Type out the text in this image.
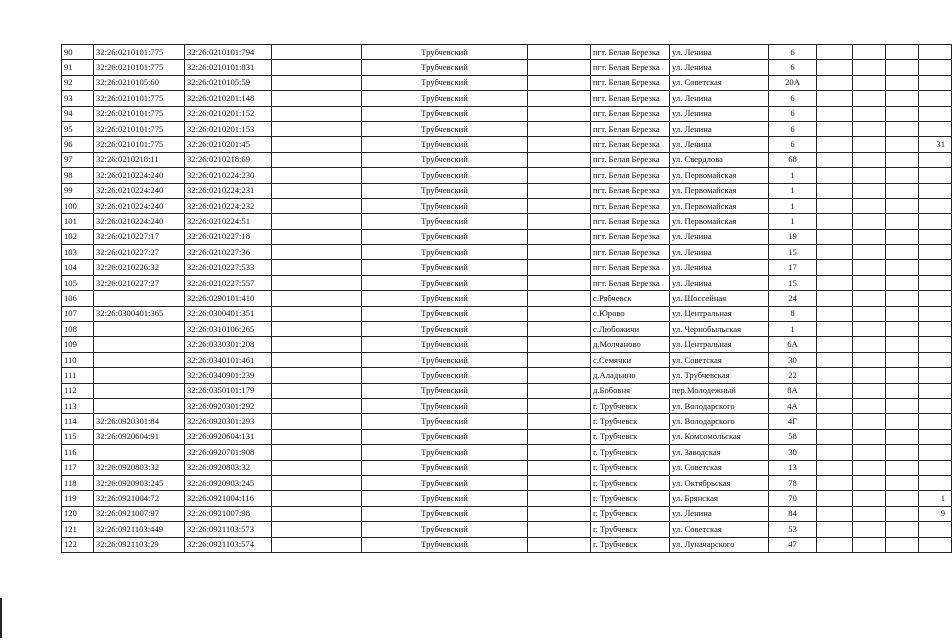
90	32:26:0210101:775	32:26:0210101:794		Трубчевский		пгт. Белая Березка	ул. Ленина	6				
91	32:26:0210101:775	32:26:0210101:831		Трубчевский		пгт. Белая Березка	ул. Ленина	6				
92	32:26:0210105:60	32:26:0210105:59		Трубчевский		пгт. Белая Березка	ул. Советская	20А				
93	32:26:0210101:775	32:26:0210201:148		Трубчевский		пгт. Белая Березка	ул. Ленина	6				
94	32:26:0210101:775	32:26:0210201:152		Трубчевский		пгт. Белая Березка	ул. Ленина	6				
95	32:26:0210101:775	32:26:0210201:153		Трубчевский		пгт. Белая Березка	ул. Ленина	6				
96	32:26:0210101:775	32:26:0210201:45		Трубчевский		пгт. Белая Березка	ул. Ленина	6				31
97	32:26:0210218:11	32:26:0210218:69		Трубчевский		пгт. Белая Березка	ул. Свердлова	68				
98	32:26:0210224:240	32:26:0210224:230		Трубчевский		пгт. Белая Березка	ул. Первомайская	1				
99	32:26:0210224:240	32:26:0210224:231		Трубчевский		пгт. Белая Березка	ул. Первомайская	1				
100	32:26:0210224:240	32:26:0210224:232		Трубчевский		пгт. Белая Березка	ул. Первомайская	1				
101	32:26:0210224:240	32:26:0210224:51		Трубчевский		пгт. Белая Березка	ул. Первомайская	1				
102	32:26:0210227:17	32:26:0210227:18		Трубчевский		пгт. Белая Березка	ул. Ленина	19				
103	32:26:0210227:27	32:26:0210227:36		Трубчевский		пгт. Белая Березка	ул. Ленина	15				
104	32:26:0210226:32	32:26:0210227:533		Трубчевский		пгт. Белая Березка	ул. Ленина	17				
105	32:26:0210227:27	32:26:0210227:557		Трубчевский		пгт. Белая Березка	ул. Ленина	15				
106		32:26:0290101:410		Трубчевский		с.Рябчевск	ул. Шоссейная	24				
107	32:26:0300401:365	32:26:0300401:351		Трубчевский		с.Юрово	ул. Центральная	8				
108		32:26:0310106:265		Трубчевский		с.Любожичи	ул. Чернобыльская	1				
109		32:26:0330301:208		Трубчевский		д.Молчаново	ул. Центральная	6А				
110		32:26:0340101:461		Трубчевский		с.Семячки	ул. Советская	30				
111		32:26:0340901:239		Трубчевский		д.Аладьино	ул. Трубчевская	22				
112		32:26:0350101:179		Трубчевский		д.Бобовня	пер.Молодежный	8А				
113		32:26:0920301:292		Трубчевский		г. Трубчевск	ул. Володарского	4А				
114	32:26:0920301:84	32:26:0920301:293		Трубчевский		г. Трубчевск	ул. Володарского	4Г				
115	32:26:0920604:91	32:26:0920604:131		Трубчевский		г. Трубчевск	ул. Комсомольская	58				
116		32:26:0920701:908		Трубчевский		г. Трубчевск	ул. Заводская	30				
117	32:26:0920803:32	32:26:0920803:32		Трубчевский		г. Трубчевск	ул. Советская	13				
118	32:26:0920903:245	32:26:0920903:245		Трубчевский		г. Трубчевск	ул. Октябрьская	78				
119	32:26:0921004:72	32:26:0921004:116		Трубчевский		г. Трубчевск	ул. Брянская	70				1
120	32:26:0921007:97	32:26:0921007:98		Трубчевский		г. Трубчевск	ул. Ленина	84				9
121	32:26:0921103:449	32:26:0921103:573		Трубчевский		г. Трубчевск	ул. Советская	53				
122	32:26:0921103:29	32:26:0921103:574		Трубчевский		г. Трубчевск	ул. Луначарского	47				
